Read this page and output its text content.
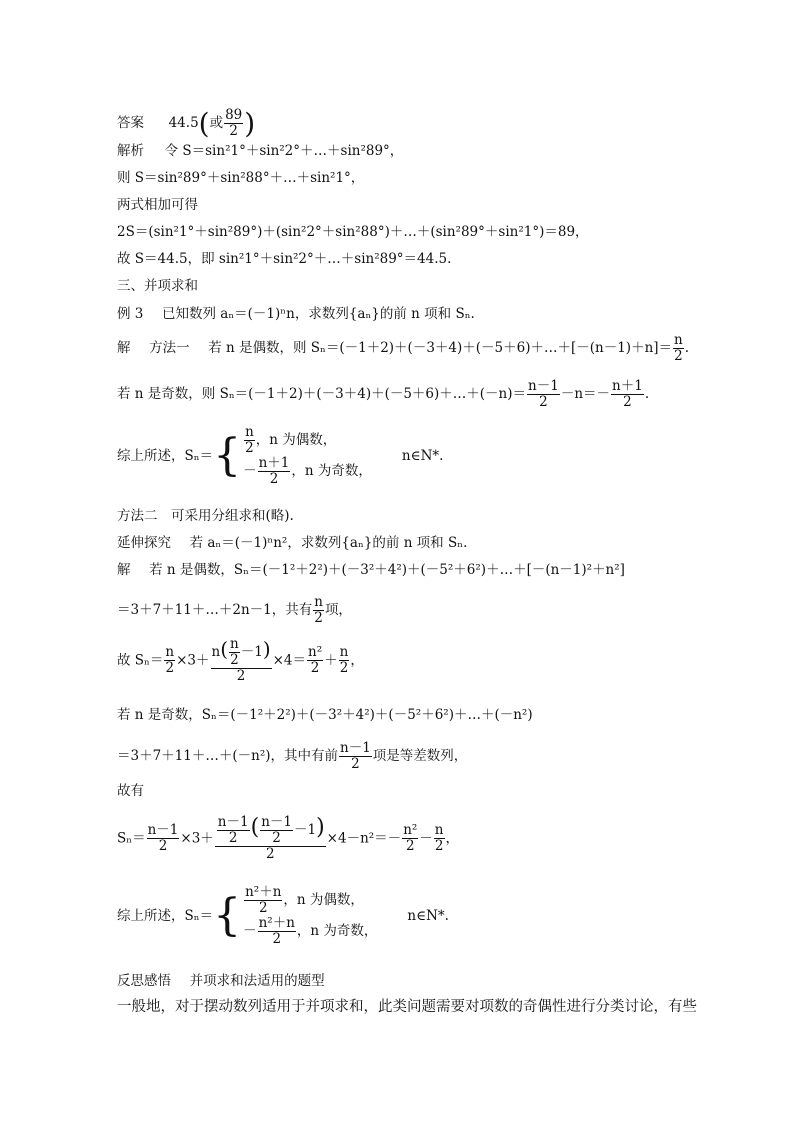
答案 44.5(或 $\frac{89}{2}$ )
解析 令 S＝sin²1°＋sin²2°＋…＋sin²89°，
则 S＝sin²89°＋sin²88°＋…＋sin²1°，
两式相加可得
2S＝(sin²1°＋sin²89°)＋(sin²2°＋sin²88°)＋…＋(sin²89°＋sin²1°)＝89，
故 S＝44.5，即 sin²1°＋sin²2°＋…＋sin²89°＝44.5.
三、并项求和
例 3 已知数列 aₙ＝(－1)ⁿn，求数列{aₙ}的前 n 项和 Sₙ.
解 方法一 若 n 是偶数，则 Sₙ＝(－1＋2)＋(－3＋4)＋(－5＋6)＋…＋[－(n－1)＋n]＝ $\frac{n}{2}$ .
若 n 是奇数，则 Sₙ＝(－1＋2)＋(－3＋4)＋(－5＋6)＋…＋(－n)＝ $\frac{n-1}{2} -n=- \frac{n+1}{2}$ .
综上所述，$S_n=\{ \frac{n}{2}$ ，n 为偶数，
－ $\frac{n+1}{2}$ ，n 为奇数，
n∈N*.
方法二　可采用分组求和(略).
延伸探究 若 aₙ＝(－1)ⁿn²，求数列{aₙ}的前 n 项和 Sₙ.
解 若 n 是偶数，Sₙ＝(－1²＋2²)＋(－3²＋4²)＋(－5²＋6²)＋…＋[－(n－1)²＋n²]
＝3＋7＋11＋…＋2n－1，共有 $\frac{n}{2}$ 项，
故 $S_n= \frac{n}{2} \times 3+ \frac{n( \frac{n}{2} -1)}{2} \times 4= \frac{\text{n²}}{2} + \frac{n}{2}$ ，
若 n 是奇数，Sₙ＝(－1²＋2²)＋(－3²＋4²)＋(－5²＋6²)＋…＋(－n²)
＝3＋7＋11＋…＋(－n²)，其中有前 $\frac{n-1}{2}$ 项是等差数列，
故有
$S_n= \frac{n-1}{2} \times 3+ \frac{\frac{n-1}{2} ( \frac{n-1}{2} -1)}{2} \times 4-n^2=- \frac{\text{n²}}{2} - \frac{n}{2}$ ，
综上所述，$S_n=\{ \frac{\text{n²＋n}}{2}$ ，n 为偶数，
－ $\frac{\text{n²＋n}}{2}$ ，n 为奇数，
n∈N*.
反思感悟 并项求和法适用的题型
一般地，对于摆动数列适用于并项求和，此类问题需要对项数的奇偶性进行分类讨论，有些
